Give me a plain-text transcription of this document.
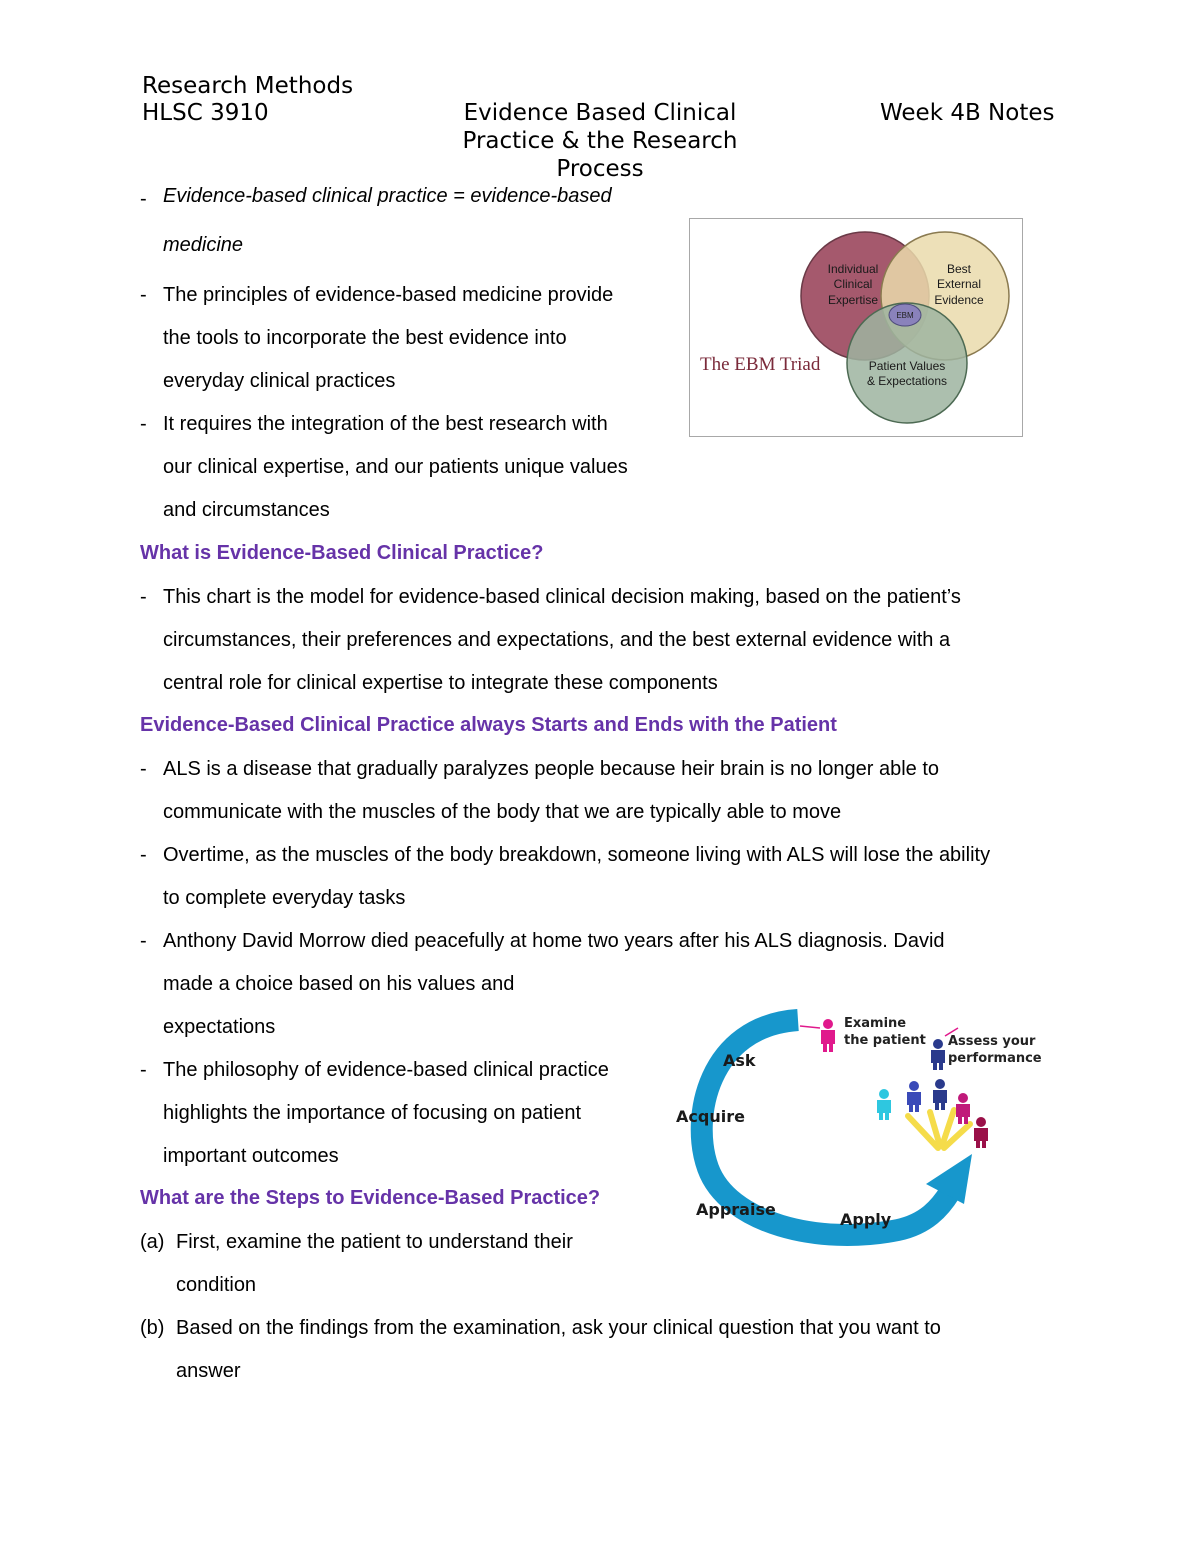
Research Methods
HLSC 3910	Evidence Based Clinical
Practice & the Research
Process
Week 4B Notes
- Evidence-based clinical practice = evidence-based
medicine
- The principles of evidence-based medicine provide
the tools to incorporate the best evidence into
everyday clinical practices
- It requires the integration of the best research with
our clinical expertise, and our patients unique values
and circumstances
EBM
Individual
Clinical
Expertise
Best
External
Evidence
Patient Values
& Expectations
The EBM Triad
What is Evidence-Based Clinical Practice?
- This chart is the model for evidence-based clinical decision making, based on the patient’s
circumstances, their preferences and expectations, and the best external evidence with a
central role for clinical expertise to integrate these components
Evidence-Based Clinical Practice always Starts and Ends with the Patient
- ALS is a disease that gradually paralyzes people because heir brain is no longer able to
communicate with the muscles of the body that we are typically able to move
- Overtime, as the muscles of the body breakdown, someone living with ALS will lose the ability
to complete everyday tasks
- Anthony David Morrow died peacefully at home two years after his ALS diagnosis. David
made a choice based on his values and
expectations
- The philosophy of evidence-based clinical practice
highlights the importance of focusing on patient
important outcomes
What are the Steps to Evidence-Based Practice?
(a) First, examine the patient to understand their
condition
(b) Based on the findings from the examination, ask your clinical question that you want to
answer
Ask
Acquire
Appraise
Apply
Examine
the patient Assess your
performance
